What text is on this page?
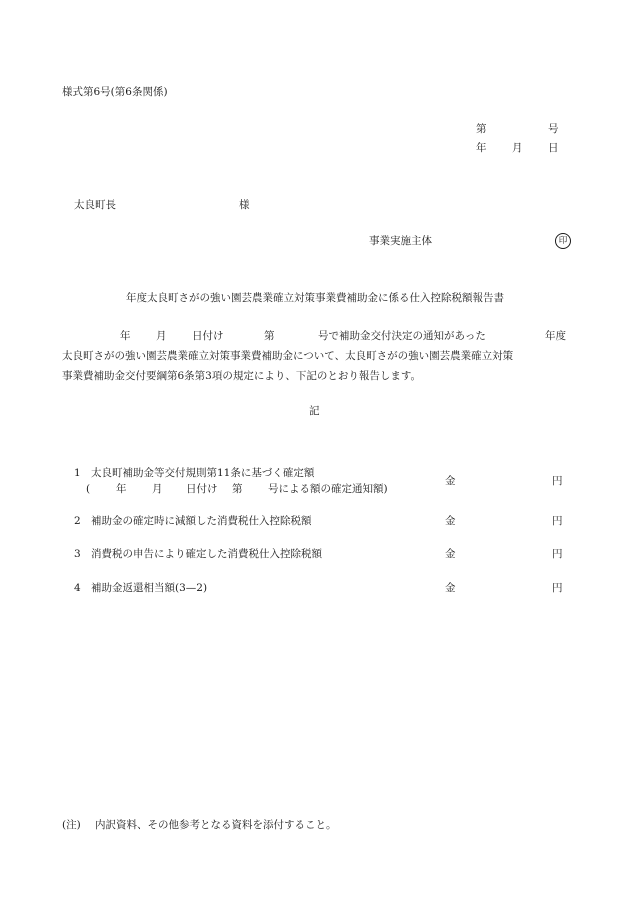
様式第6号(第6条関係)
第	号
年 月 日
太良町長	様
事業実施主体	印
年度太良町さがの強い園芸農業確立対策事業費補助金に係る仕入控除税額報告書
年 月 日付け	第	号で補助金交付決定の通知があった	年度
太良町さがの強い園芸農業確立対策事業費補助金について、太良町さがの強い園芸農業確立対策
事業費補助金交付要綱第6条第3項の規定により、下記のとおり報告します。
記
1 太良町補助金等交付規則第11条に基づく確定額
( 年 月 日付け 第 号による額の確定通知額)
金	円
2 補助金の確定時に減額した消費税仕入控除税額	金	円
3 消費税の申告により確定した消費税仕入控除税額	金	円
4 補助金返還相当額(3—2)	金	円
(注) 内訳資料、その他参考となる資料を添付すること。
